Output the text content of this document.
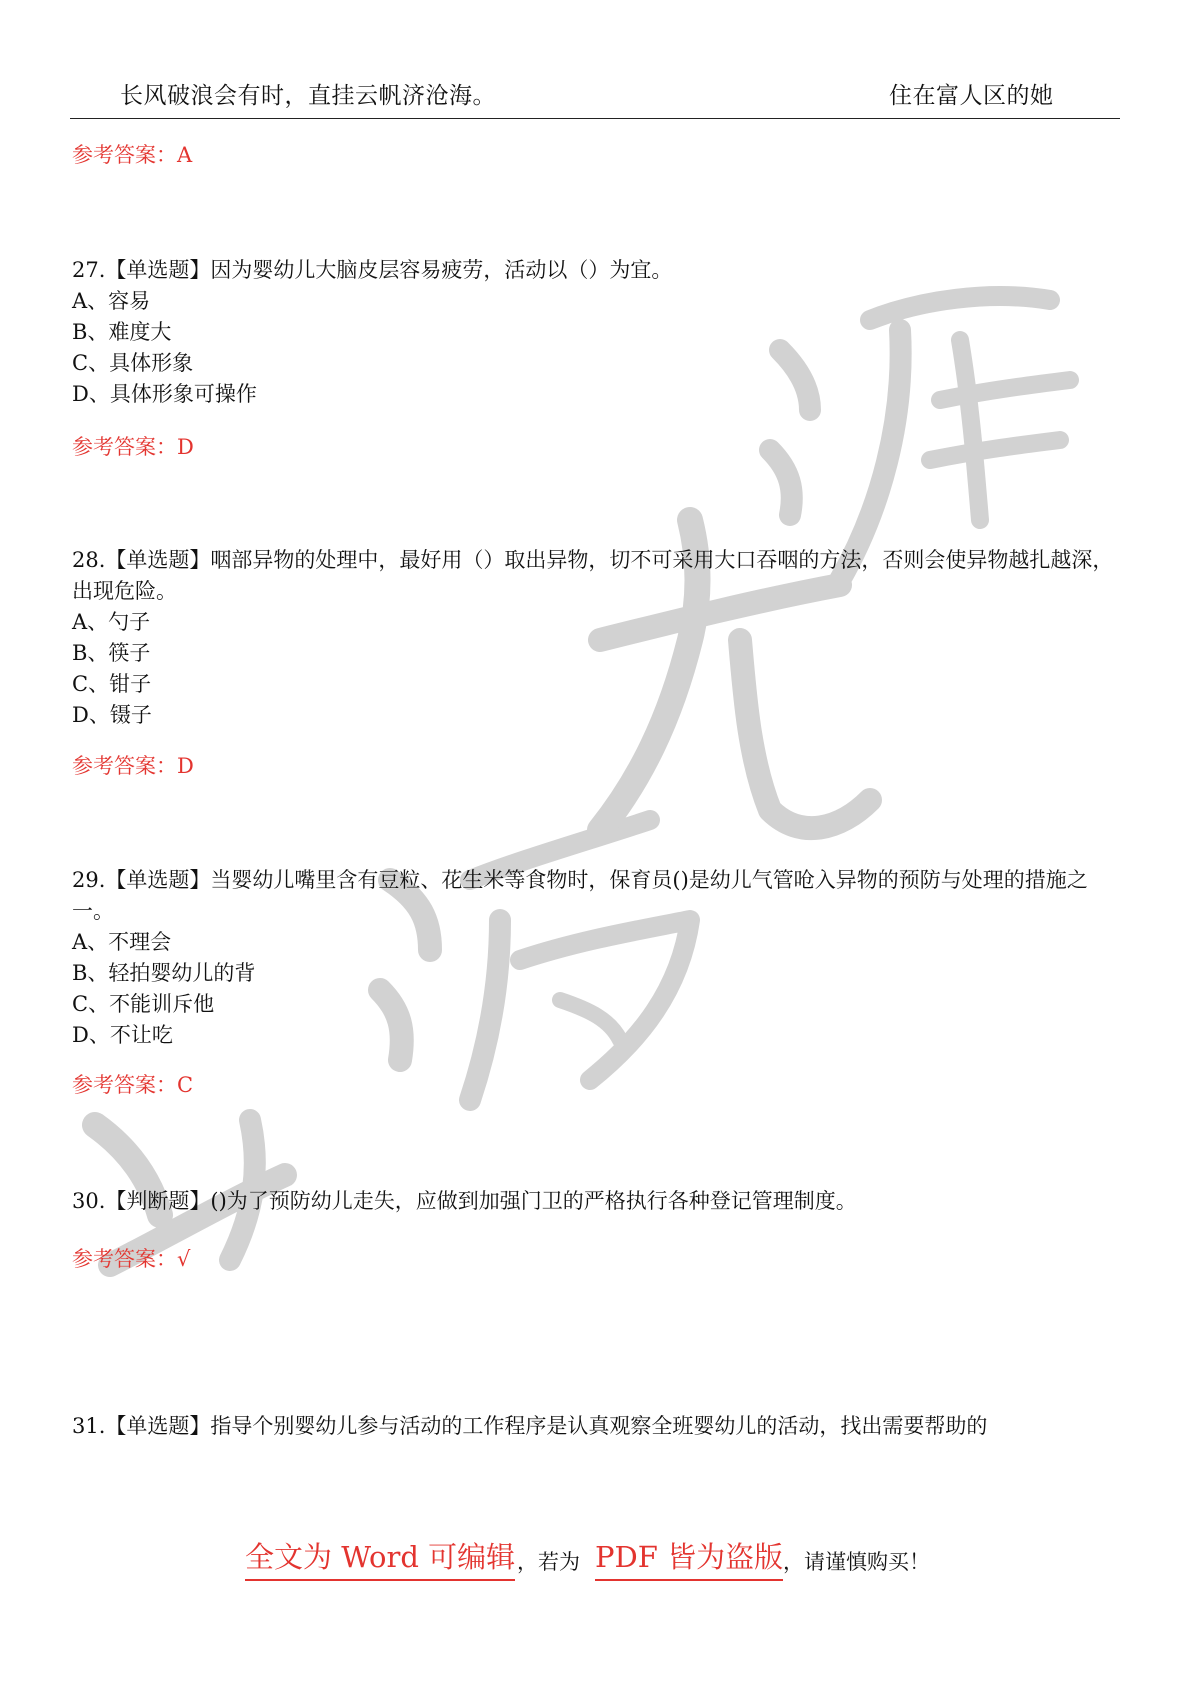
长风破浪会有时，直挂云帆济沧海。	住在富人区的她
参考答案：A

27.【单选题】因为婴幼儿大脑皮层容易疲劳，活动以（）为宜。

A、容易

B、难度大

C、具体形象

D、具体形象可操作

参考答案：D

28.【单选题】咽部异物的处理中，最好用（）取出异物，切不可采用大口吞咽的方法，否则会使异物越扎越深，出现危险。

A、勺子

B、筷子

C、钳子

D、镊子

参考答案：D

29.【单选题】当婴幼儿嘴里含有豆粒、花生米等食物时，保育员()是幼儿气管呛入异物的预防与处理的措施之一。

A、不理会

B、轻拍婴幼儿的背

C、不能训斥他

D、不让吃

参考答案：C

30.【判断题】()为了预防幼儿走失，应做到加强门卫的严格执行各种登记管理制度。

参考答案：√

31.【单选题】指导个别婴幼儿参与活动的工作程序是认真观察全班婴幼儿的活动，找出需要帮助的

全文为 Word 可编辑 ，若为 PDF 皆为盗版 ，请谨慎购买！
